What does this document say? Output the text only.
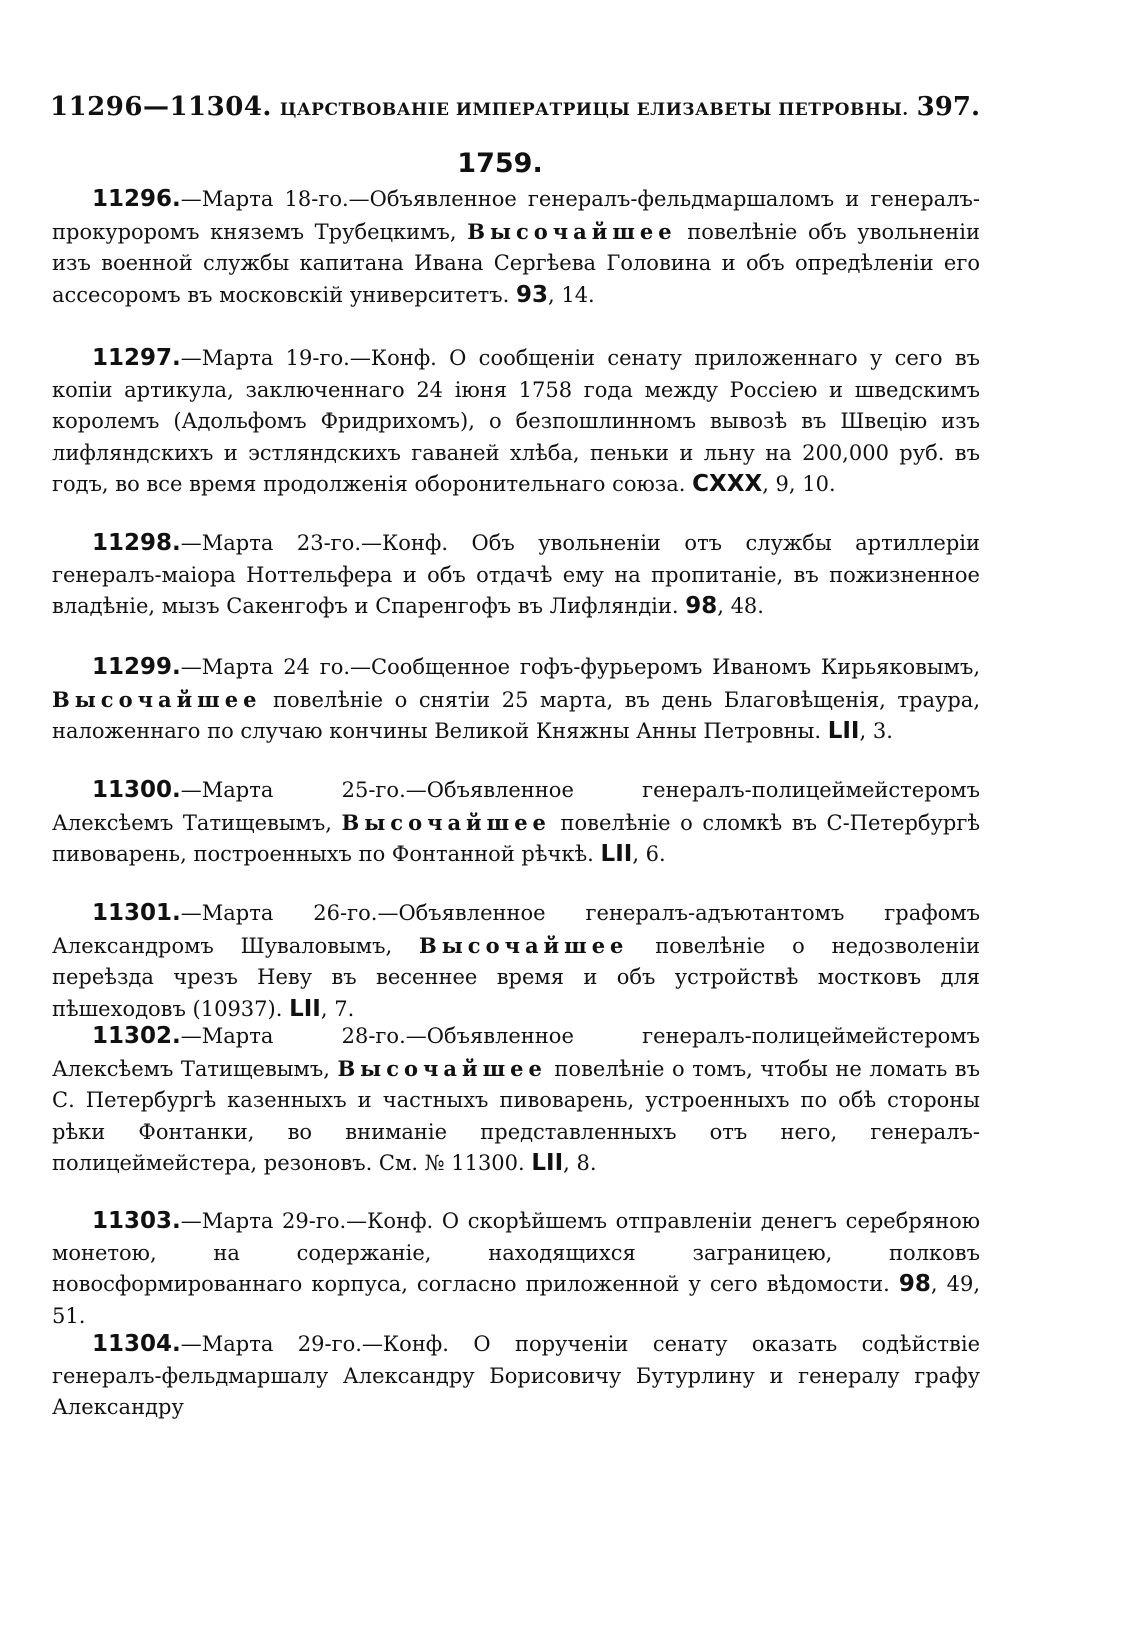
11296—11304. ЦАРСТВОВАНІЕ ИМПЕРАТРИЦЫ ЕЛИЗАВЕТЫ ПЕТРОВНЫ. 397.
1759.

11296.—Марта 18-го.—Объявленное генералъ-фельдмаршаломъ и генералъ-прокуроромъ княземъ Трубецкимъ, Высочайшее повелѣніе объ увольненіи изъ военной службы капитана Ивана Сергѣева Головина и объ опредѣленіи его ассесоромъ въ московскій университетъ. 93, 14.

11297.—Марта 19-го.—Конф. О сообщеніи сенату приложеннаго у сего въ копіи артикула, заключеннаго 24 іюня 1758 года между Россіею и шведскимъ королемъ (Адольфомъ Фридрихомъ), о безпошлинномъ вывозѣ въ Швецію изъ лифляндскихъ и эстляндскихъ гаваней хлѣба, пеньки и льну на 200,000 руб. въ годъ, во все время продолженія оборонительнаго союза. CXXX, 9, 10.

11298.—Марта 23-го.—Конф. Объ увольненіи отъ службы артиллеріи генералъ-маіора Ноттельфера и объ отдачѣ ему на пропитаніе, въ пожизненное владѣніе, мызъ Сакенгофъ и Спаренгофъ въ Лифляндіи. 98, 48.

11299.—Марта 24 го.—Сообщенное гофъ-фурьеромъ Иваномъ Кирьяковымъ, Высочайшее повелѣніе о снятіи 25 марта, въ день Благовѣщенія, траура, наложеннаго по случаю кончины Великой Княжны Анны Петровны. LII, 3.

11300.—Марта 25-го.—Объявленное генералъ-полицеймейстеромъ Алексѣемъ Татищевымъ, Высочайшее повелѣніе о сломкѣ въ С-Петербургѣ пивоварень, построенныхъ по Фонтанной рѣчкѣ. LII, 6.

11301.—Марта 26-го.—Объявленное генералъ-адъютантомъ графомъ Александромъ Шуваловымъ, Высочайшее повелѣніе о недозволеніи переѣзда чрезъ Неву въ весеннее время и объ устройствѣ мостковъ для пѣшеходовъ (10937). LII, 7.

11302.—Марта 28-го.—Объявленное генералъ-полицеймейстеромъ Алексѣемъ Татищевымъ, Высочайшее повелѣніе о томъ, чтобы не ломать въ С. Петербургѣ казенныхъ и частныхъ пивоварень, устроенныхъ по обѣ стороны рѣки Фонтанки, во вниманіе представленныхъ отъ него, генералъ-полицеймейстера, резоновъ. См. № 11300. LII, 8.

11303.—Марта 29-го.—Конф. О скорѣйшемъ отправленіи денегъ серебряною монетою, на содержаніе, находящихся заграницею, полковъ новосформированнаго корпуса, согласно приложенной у сего вѣдомости. 98, 49, 51.

11304.—Марта 29-го.—Конф. О порученіи сенату оказать содѣйствіе генералъ-фельдмаршалу Александру Борисовичу Бутурлину и генералу графу Александру
